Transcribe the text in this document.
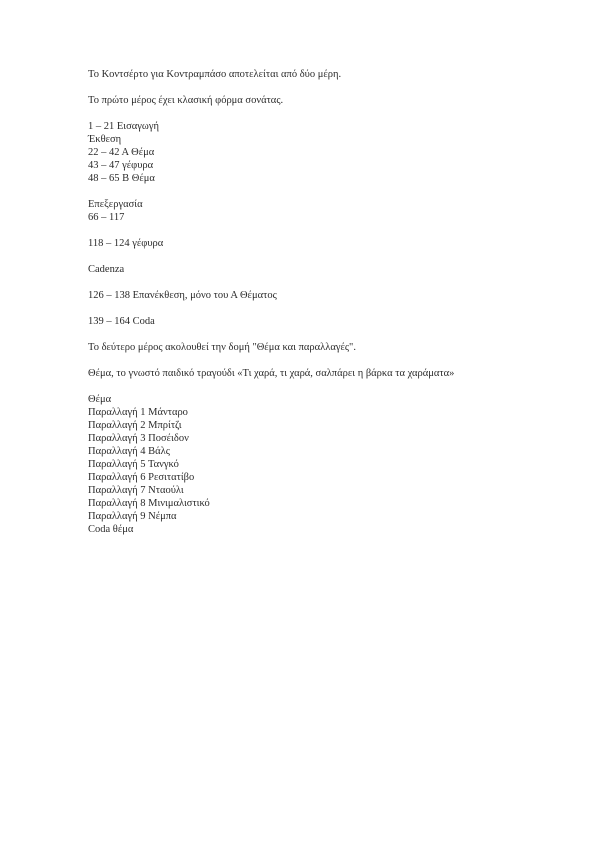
Το Κοντσέρτο για Κοντραμπάσο αποτελείται από δύο μέρη.

Το πρώτο μέρος έχει κλασική φόρμα σονάτας.

1 – 21 Εισαγωγή
Έκθεση
22 – 42 Α Θέμα
43 – 47 γέφυρα
48 – 65 Β Θέμα
Επεξεργασία
66 – 117
118 – 124 γέφυρα
Cadenza
126 – 138 Επανέκθεση, μόνο του Α Θέματος
139 – 164 Coda

Το δεύτερο μέρος ακολουθεί την δομή "Θέμα και παραλλαγές".

Θέμα, το γνωστό παιδικό τραγούδι «Τι χαρά, τι χαρά, σαλπάρει η βάρκα τα χαράματα»

Θέμα
Παραλλαγή 1 Μάνταρο
Παραλλαγή 2 Μπρίτζι
Παραλλαγή 3 Ποσέιδον
Παραλλαγή 4 Βάλς
Παραλλαγή 5 Τανγκό
Παραλλαγή 6 Ρεσιτατίβο
Παραλλαγή 7 Νταούλι
Παραλλαγή 8 Μινιμαλιστικό
Παραλλαγή 9 Νέμπα
Coda θέμα
